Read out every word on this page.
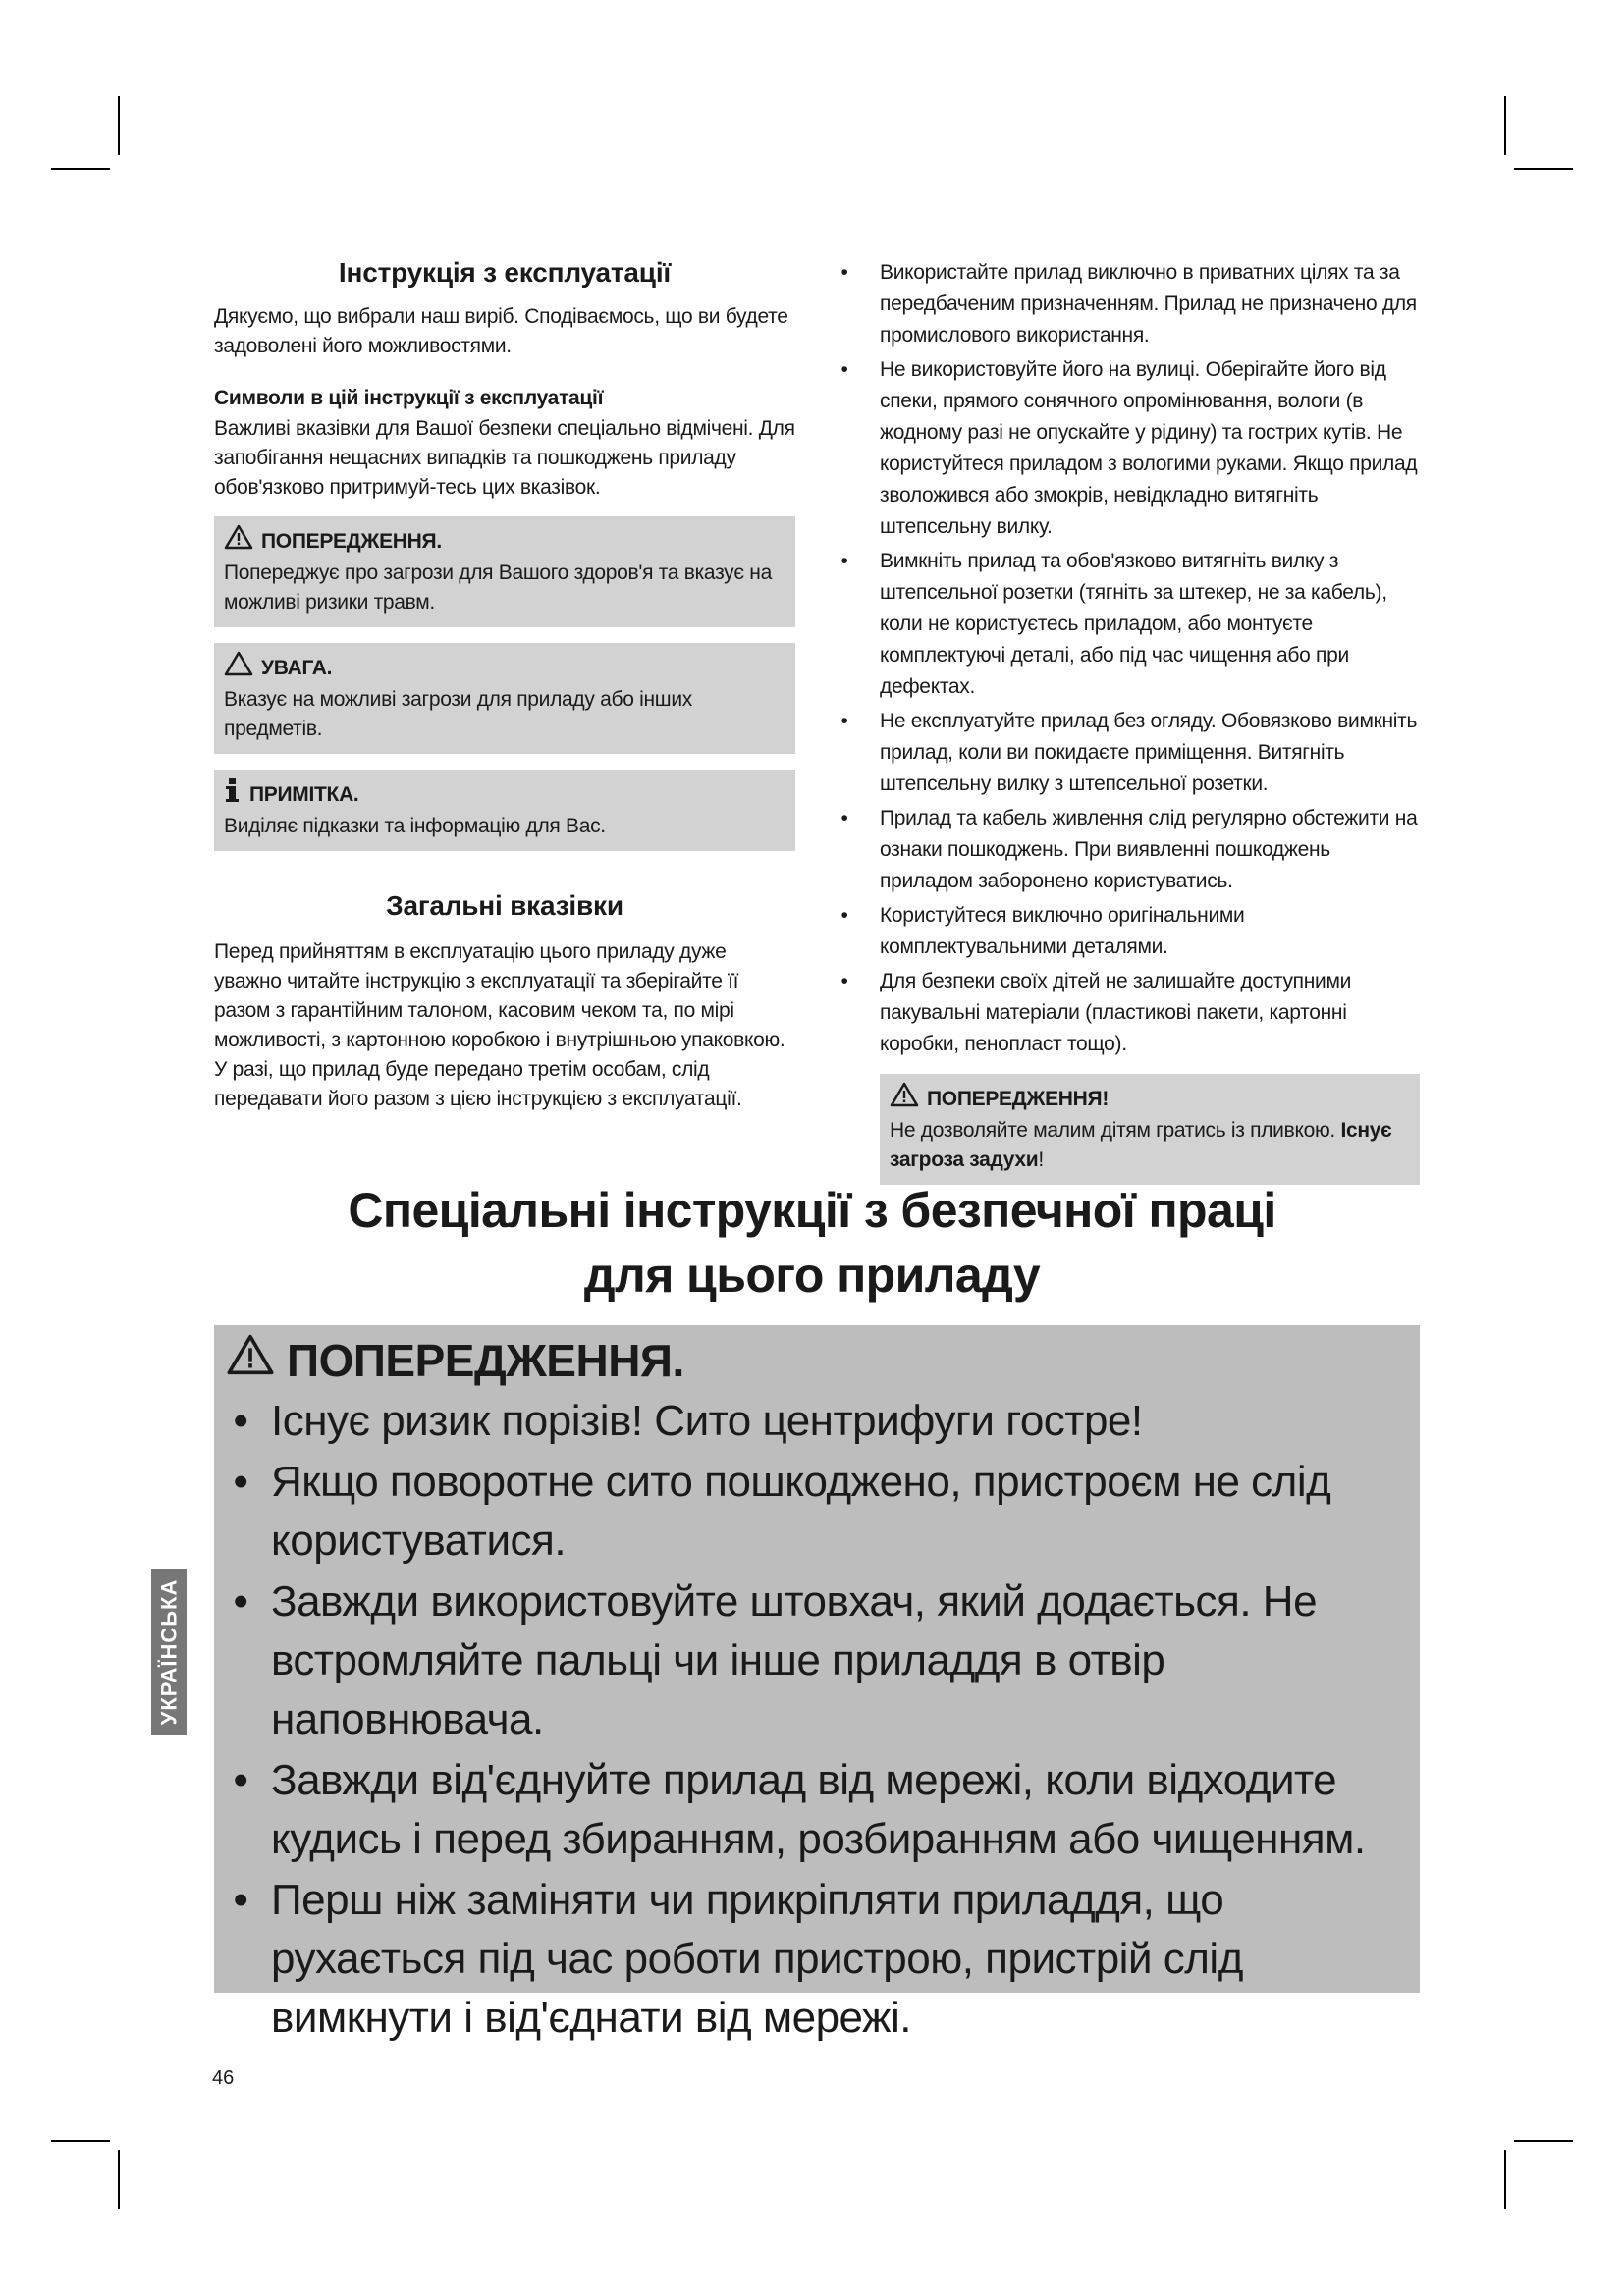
Інструкція з експлуатації

Дякуємо, що вибрали наш виріб. Сподіваємось, що ви будете задоволені його можливостями.

Символи в цій інструкції з експлуатації

Важливі вказівки для Вашої безпеки спеціально відмічені. Для запобігання нещасних випадків та пошкоджень приладу обов'язково притримуй-тесь цих вказівок.

ПОПЕРЕДЖЕННЯ.
Попереджує про загрози для Вашого здоров'я та вказує на можливі ризики травм.
УВАГА.
Вказує на можливі загрози для приладу або інших предметів.
ПРИМІТКА.
Виділяє підказки та інформацію для Вас.
Загальні вказівки

Перед прийняттям в експлуатацію цього приладу дуже уважно читайте інструкцію з експлуатації та зберігайте її разом з гарантійним талоном, касовим чеком та, по мірі можливості, з картонною коробкою і внутрішньою упаковкою. У разі, що прилад буде передано третім особам, слід передавати його разом з цією інструкцією з експлуатації.

•	Використайте прилад виключно в приватних цілях та за передбаченим призначенням. Прилад не призначено для промислового використання.
•	Не використовуйте його на вулиці. Оберігайте його від спеки, прямого сонячного опромінювання, вологи (в жодному разі не опускайте у рідину) та гострих кутів. Не користуйтеся приладом з вологими руками. Якщо прилад зволожився або змокрів, невідкладно витягніть штепсельну вилку.
•	Вимкніть прилад та обов'язково витягніть вилку з штепсельної розетки (тягніть за штекер, не за кабель), коли не користуєтесь приладом, або монтуєте комплектуючі деталі, або під час чищення або при дефектах.
•	Не експлуатуйте прилад без огляду. Обовязково вимкніть прилад, коли ви покидаєте приміщення. Витягніть штепсельну вилку з штепсельної розетки.
•	Прилад та кабель живлення слід регулярно обстежити на ознаки пошкоджень. При виявленні пошкоджень приладом заборонено користуватись.
•	Користуйтеся виключно оригінальними комплектувальними деталями.
•	Для безпеки своїх дітей не залишайте доступними пакувальні матеріали (пластикові пакети, картонні коробки, пенопласт тощо).
ПОПЕРЕДЖЕННЯ!
Не дозволяйте малим дітям гратись із пливкою. Існує загроза задухи!
Спеціальні інструкції з безпечної праці
для цього приладу
ПОПЕРЕДЖЕННЯ.
• Існує ризик порізів! Сито центрифуги гостре!
• Якщо поворотне сито пошкоджено, пристроєм не слід користуватися.
• Завжди використовуйте штовхач, який додається. Не встромляйте пальці чи інше приладдя в отвір наповнювача.
• Завжди від'єднуйте прилад від мережі, коли відходите кудись і перед збиранням, розбиранням або чищенням.
• Перш ніж заміняти чи прикріпляти приладдя, що рухається під час роботи пристрою, пристрій слід вимкнути і від'єднати від мережі.
УКРАЇНСЬКА
46
